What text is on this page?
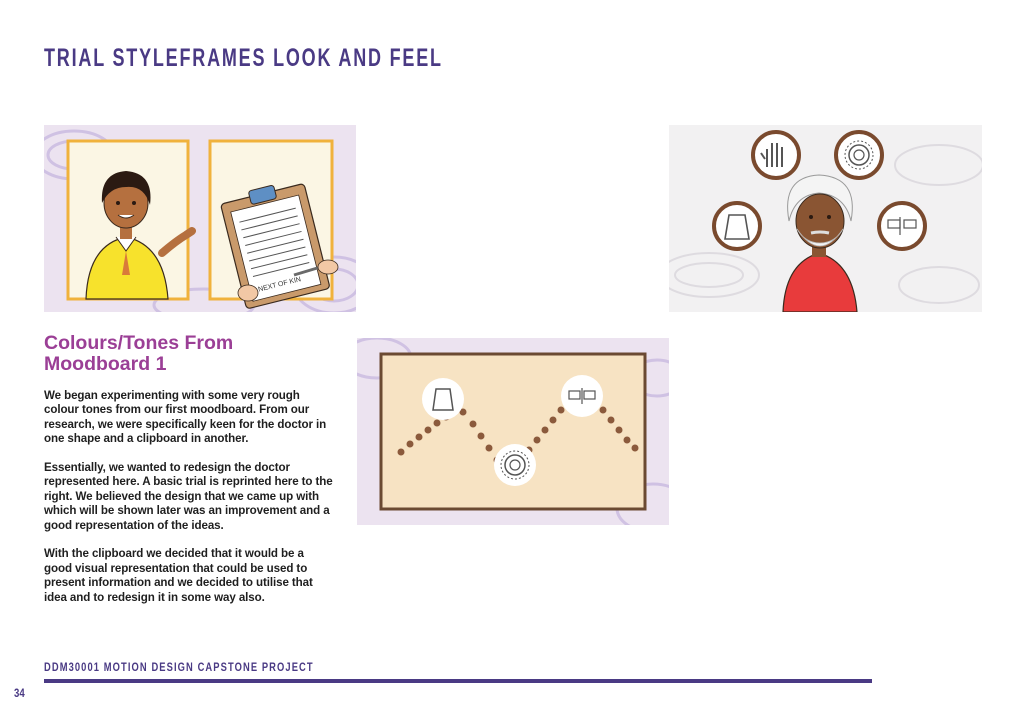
TRIAL STYLEFRAMES LOOK AND FEEL
NEXT OF KIN
Colours/Tones From Moodboard 1

We began experimenting with some very rough colour tones from our first moodboard. From our research, we were specifically keen for the doctor in one shape and a clipboard in another.

Essentially, we wanted to redesign the doctor represented here. A basic trial is reprinted here to the right. We believed the design that we came up with which will be shown later was an improvement and a good representation of the ideas.

With the clipboard we decided that it would be a good visual representation that could be used to present information and we decided to utilise that idea and to redesign it in some way also.

DDM30001 MOTION DESIGN CAPSTONE PROJECT
34
